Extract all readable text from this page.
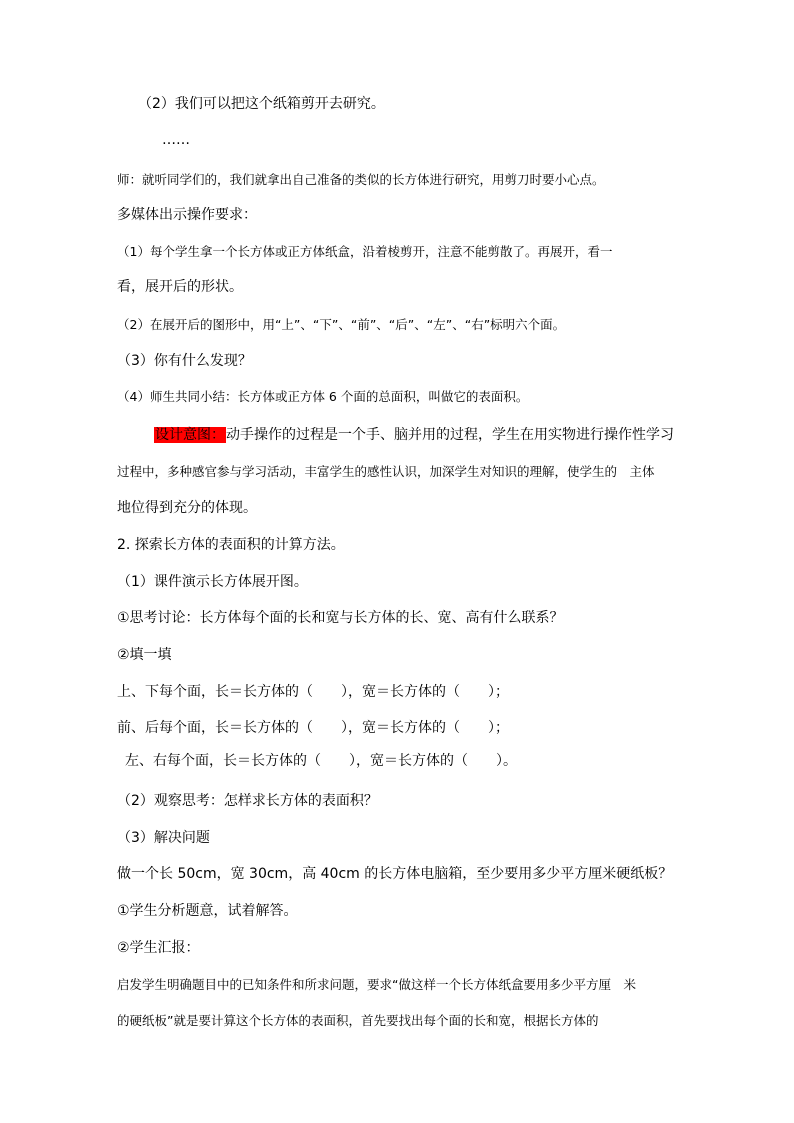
（2）我们可以把这个纸箱剪开去研究。
……
师：就听同学们的，我们就拿出自己准备的类似的长方体进行研究，用剪刀时要小心点。
多媒体出示操作要求：
（1）每个学生拿一个长方体或正方体纸盒，沿着棱剪开，注意不能剪散了。再展开，看一
看，展开后的形状。
（2）在展开后的图形中，用“上”、“下”、“前”、“后”、“左”、“右”标明六个面。
（3）你有什么发现？
（4）师生共同小结：长方体或正方体 6 个面的总面积，叫做它的表面积。
设计意图：动手操作的过程是一个手、脑并用的过程，学生在用实物进行操作性学习
过程中，多种感官参与学习活动，丰富学生的感性认识，加深学生对知识的理解，使学生的　主体
地位得到充分的体现。
2. 探索长方体的表面积的计算方法。
（1）课件演示长方体展开图。
①思考讨论：长方体每个面的长和宽与长方体的长、宽、高有什么联系？
②填一填
上、下每个面，长＝长方体的（　　），宽＝长方体的（　　）；
前、后每个面，长＝长方体的（　　），宽＝长方体的（　　）；
左、右每个面，长＝长方体的（　　），宽＝长方体的（　　）。
（2）观察思考：怎样求长方体的表面积？
（3）解决问题
做一个长 50cm，宽 30cm，高 40cm 的长方体电脑箱，至少要用多少平方厘米硬纸板？
①学生分析题意，试着解答。
②学生汇报：
启发学生明确题目中的已知条件和所求问题，要求“做这样一个长方体纸盒要用多少平方厘　米
的硬纸板”就是要计算这个长方体的表面积，首先要找出每个面的长和宽，根据长方体的
